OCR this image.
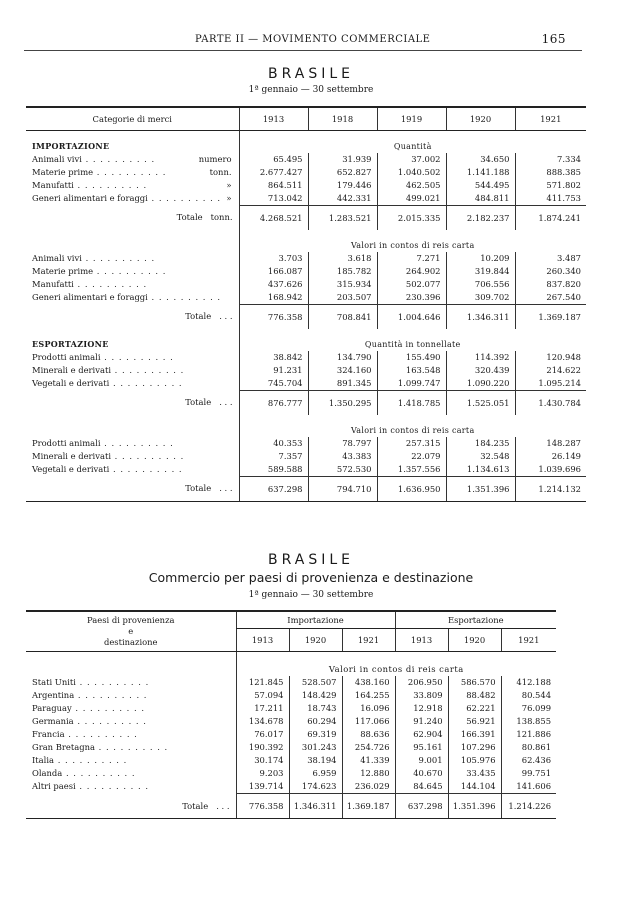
PARTE II — MOVIMENTO COMMERCIALE	165
BRASILE
1ª gennaio — 30 settembre
Categorie di merci	1913	1918	1919	1920	1921
IMPORTAZIONE	Quantità				
Animali vivi . . . numero	65.495	31.939	37.002	34.650	7.334
Materie prime . . . tonn.	2.677.427	652.827	1.040.502	1.141.188	888.385
Manufatti . . . »	864.511	179.446	462.505	544.495	571.802
Generi alimentari e foraggi . . . »	713.042	442.331	499.021	484.811	411.753
Totale tonn.	4.268.521	1.283.521	2.015.335	2.182.237	1.874.241
	Valori in contos di reis carta				
Animali vivi . . .	3.703	3.618	7.271	10.209	3.487
Materie prime . . .	166.087	185.782	264.902	319.844	260.340
Manufatti . . .	437.626	315.934	502.077	706.556	837.820
Generi alimentari e foraggi . . .	168.942	203.507	230.396	309.702	267.540
Totale . . .	776.358	708.841	1.004.646	1.346.311	1.369.187
ESPORTAZIONE	Quantità in tonnellate				
Prodotti animali . . .	38.842	134.790	155.490	114.392	120.948
Minerali e derivati . . .	91.231	324.160	163.548	320.439	214.622
Vegetali e derivati . . .	745.704	891.345	1.099.747	1.090.220	1.095.214
Totale . . .	876.777	1.350.295	1.418.785	1.525.051	1.430.784
	Valori in contos di reis carta				
Prodotti animali . . .	40.353	78.797	257.315	184.235	148.287
Minerali e derivati . . .	7.357	43.383	22.079	32.548	26.149
Vegetali e derivati . . .	589.588	572.530	1.357.556	1.134.613	1.039.696
Totale . . .	637.298	794.710	1.636.950	1.351.396	1.214.132
BRASILE
Commercio per paesi di provenienza e destinazione
1ª gennaio — 30 settembre
Paesi di provenienza
e
destinazione	Importazione			Esportazione		
	1913	1920	1921	1913	1920	1921
	Valori in contos di reis carta					
Stati Uniti . . .	121.845	528.507	438.160	206.950	586.570	412.188
Argentina . . .	57.094	148.429	164.255	33.809	88.482	80.544
Paraguay . . .	17.211	18.743	16.096	12.918	62.221	76.099
Germania . . .	134.678	60.294	117.066	91.240	56.921	138.855
Francia . . .	76.017	69.319	88.636	62.904	166.391	121.886
Gran Bretagna . . .	190.392	301.243	254.726	95.161	107.296	80.861
Italia . . .	30.174	38.194	41.339	9.001	105.976	62.436
Olanda . . .	9.203	6.959	12.880	40.670	33.435	99.751
Altri paesi . . .	139.714	174.623	236.029	84.645	144.104	141.606
Totale . . .	776.358	1.346.311	1.369.187	637.298	1.351.396	1.214.226
